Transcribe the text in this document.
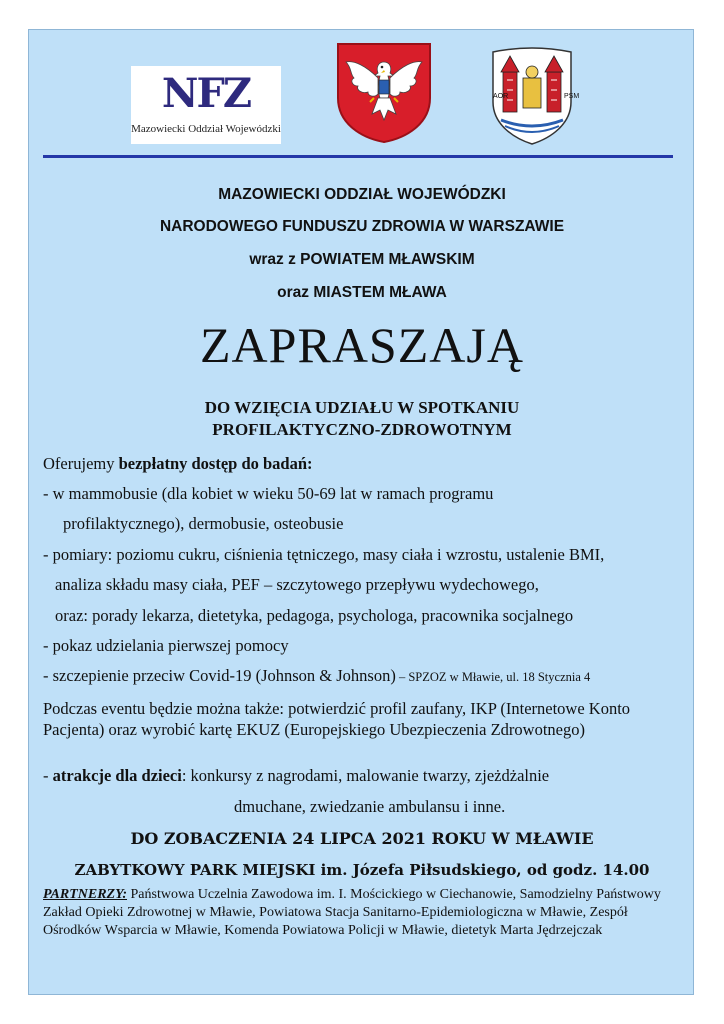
NFZ
Mazowiecki Oddział Wojewódzki
AOR	PSM
MAZOWIECKI ODDZIAŁ WOJEWÓDZKI
NARODOWEGO FUNDUSZU ZDROWIA W WARSZAWIE
wraz z POWIATEM MŁAWSKIM
oraz MIASTEM MŁAWA
ZAPRASZAJĄ
DO WZIĘCIA UDZIAŁU W SPOTKANIU
PROFILAKTYCZNO-ZDROWOTNYM
Oferujemy bezpłatny dostęp do badań:
- w mammobusie (dla kobiet w wieku 50-69 lat w ramach programu
profilaktycznego), dermobusie, osteobusie
- pomiary: poziomu cukru, ciśnienia tętniczego, masy ciała i wzrostu, ustalenie BMI,
analiza składu masy ciała, PEF – szczytowego przepływu wydechowego,
oraz: porady lekarza, dietetyka, pedagoga, psychologa, pracownika socjalnego
- pokaz udzielania pierwszej pomocy
- szczepienie przeciw Covid-19 (Johnson & Johnson) – SPZOZ w Mławie, ul. 18 Stycznia 4
Podczas eventu będzie można także: potwierdzić profil zaufany, IKP (Internetowe Konto Pacjenta) oraz wyrobić kartę EKUZ (Europejskiego Ubezpieczenia Zdrowotnego)
- atrakcje dla dzieci: konkursy z nagrodami, malowanie twarzy, zjeżdżalnie
dmuchane, zwiedzanie ambulansu i inne.
DO ZOBACZENIA 24 LIPCA 2021 ROKU W MŁAWIE
ZABYTKOWY PARK MIEJSKI im. Józefa Piłsudskiego, od godz. 14.00
PARTNERZY: Państwowa Uczelnia Zawodowa im. I. Mościckiego w Ciechanowie, Samodzielny Państwowy Zakład Opieki Zdrowotnej w Mławie, Powiatowa Stacja Sanitarno-Epidemiologiczna w Mławie, Zespół Ośrodków Wsparcia w Mławie, Komenda Powiatowa Policji w Mławie, dietetyk Marta Jędrzejczak
